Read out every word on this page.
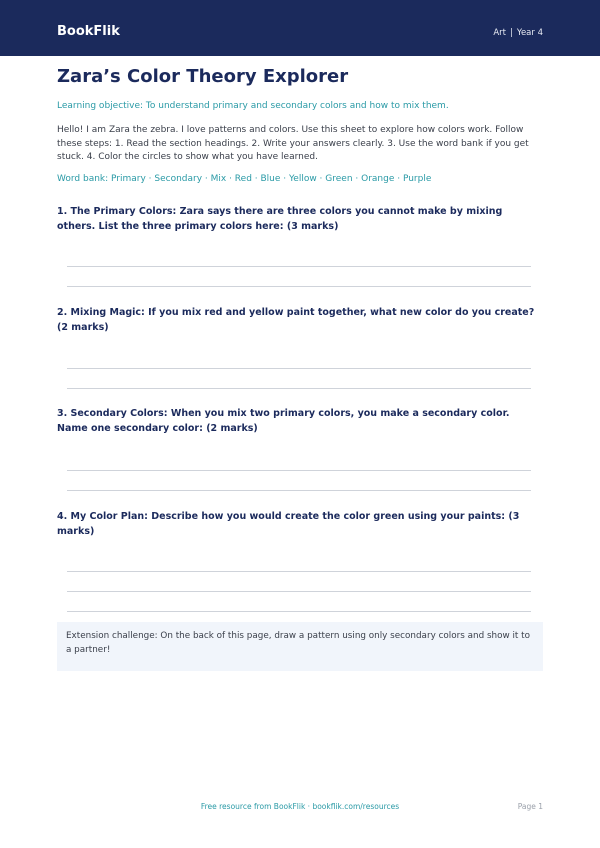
BookFlik	Art | Year 4
Zara’s Color Theory Explorer
Learning objective: To understand primary and secondary colors and how to mix them.
Hello! I am Zara the zebra. I love patterns and colors. Use this sheet to explore how colors work. Follow these steps: 1. Read the section headings. 2. Write your answers clearly. 3. Use the word bank if you get stuck. 4. Color the circles to show what you have learned.
Word bank: Primary · Secondary · Mix · Red · Blue · Yellow · Green · Orange · Purple

1. The Primary Colors: Zara says there are three colors you cannot make by mixing others. List the three primary colors here: (3 marks)

2. Mixing Magic: If you mix red and yellow paint together, what new color do you create? (2 marks)

3. Secondary Colors: When you mix two primary colors, you make a secondary color. Name one secondary color: (2 marks)

4. My Color Plan: Describe how you would create the color green using your paints: (3 marks)

Extension challenge: On the back of this page, draw a pattern using only secondary colors and show it to a partner!
Free resource from BookFlik · bookflik.com/resources	Page 1
